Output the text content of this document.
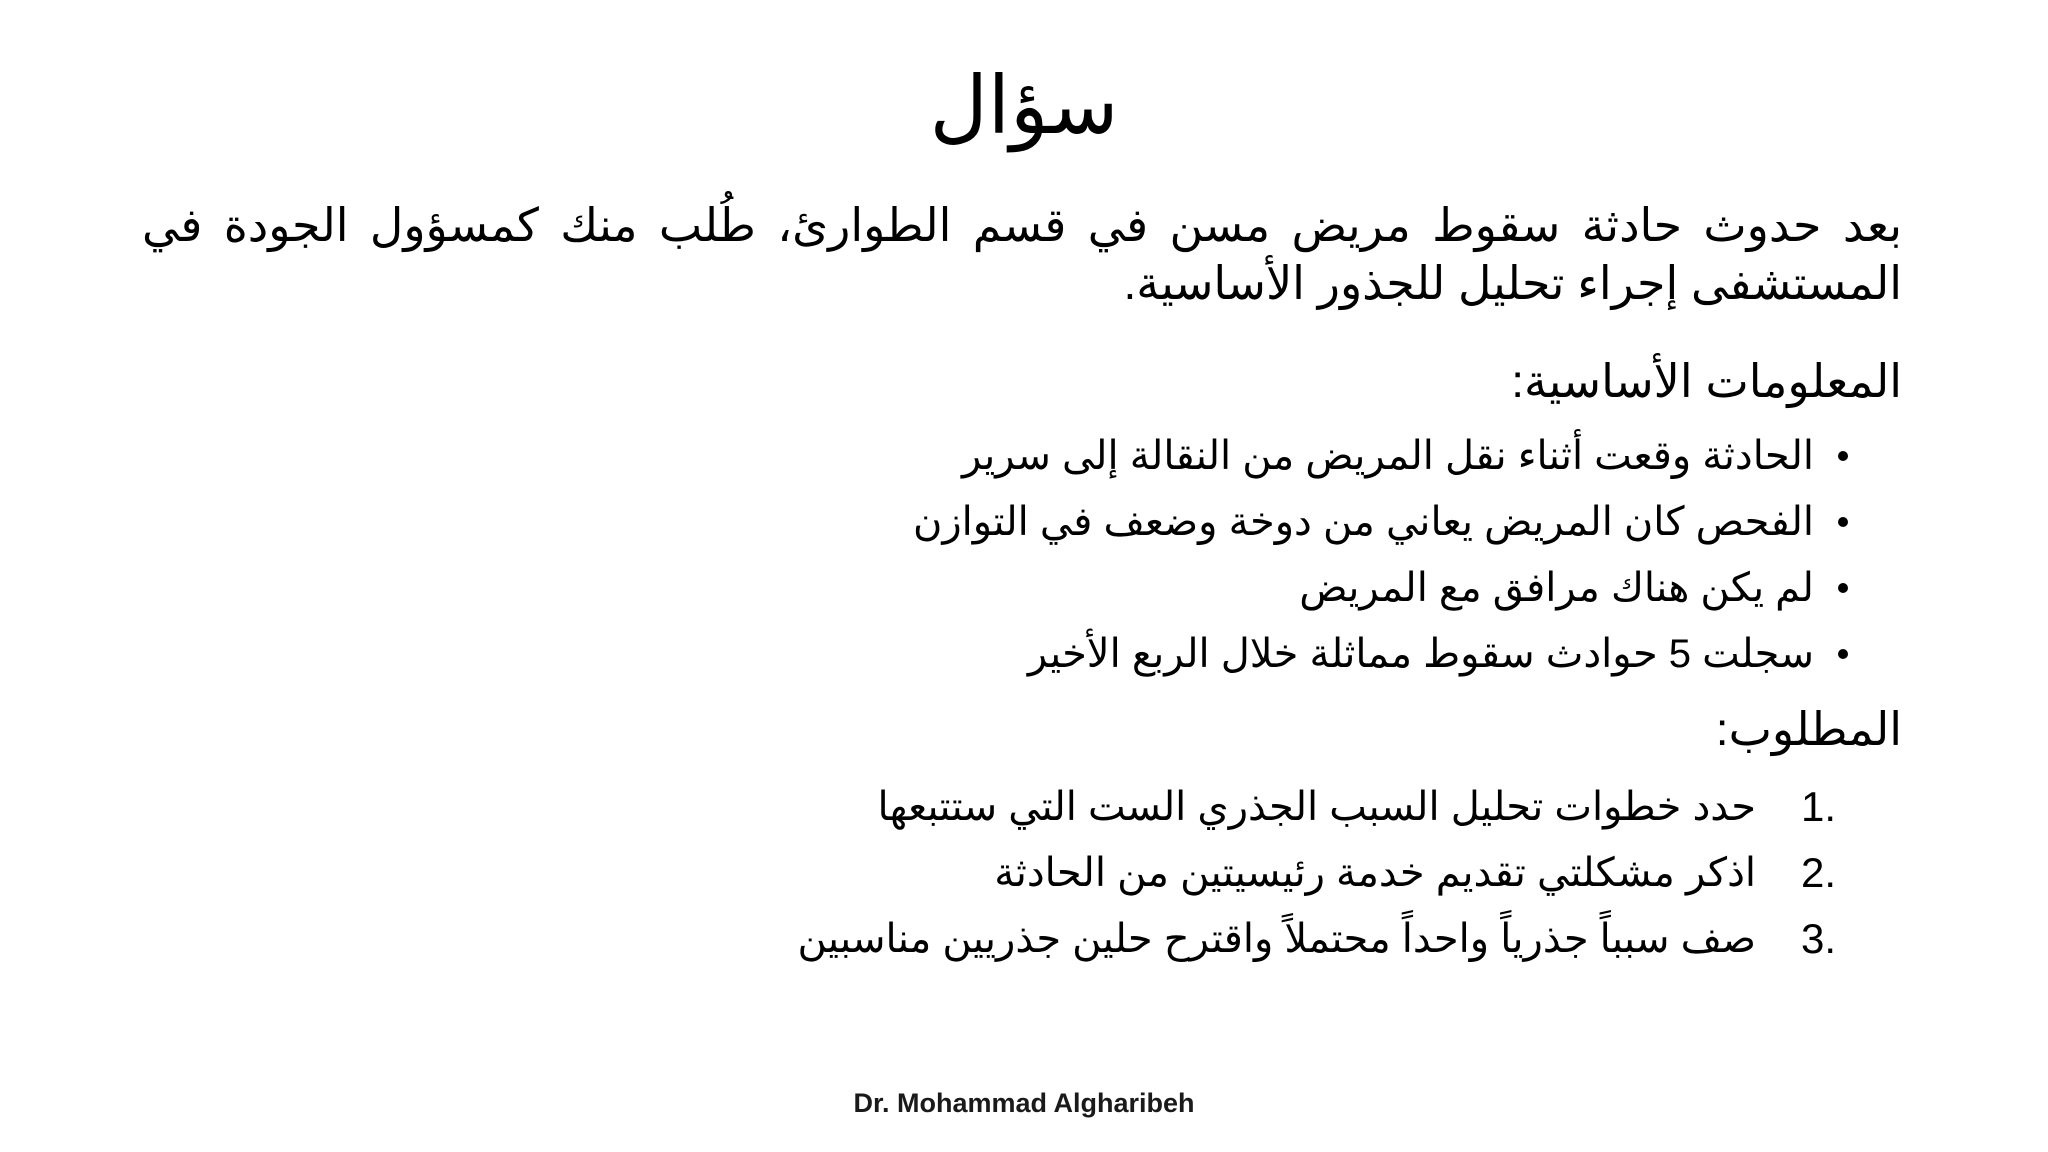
سؤال
بعد حدوث حادثة سقوط مريض مسن في قسم الطوارئ، طُلب منك كمسؤول الجودة في المستشفى إجراء تحليل للجذور الأساسية.
المعلومات الأساسية:
الحادثة وقعت أثناء نقل المريض من النقالة إلى سرير
الفحص كان المريض يعاني من دوخة وضعف في التوازن
لم يكن هناك مرافق مع المريض
سجلت 5 حوادث سقوط مماثلة خلال الربع الأخير
المطلوب:
1.
حدد خطوات تحليل السبب الجذري الست التي ستتبعها
2.
اذكر مشكلتي تقديم خدمة رئيسيتين من الحادثة
3.
صف سبباً جذرياً واحداً محتملاً واقترح حلين جذريين مناسبين
Dr. Mohammad Algharibeh
